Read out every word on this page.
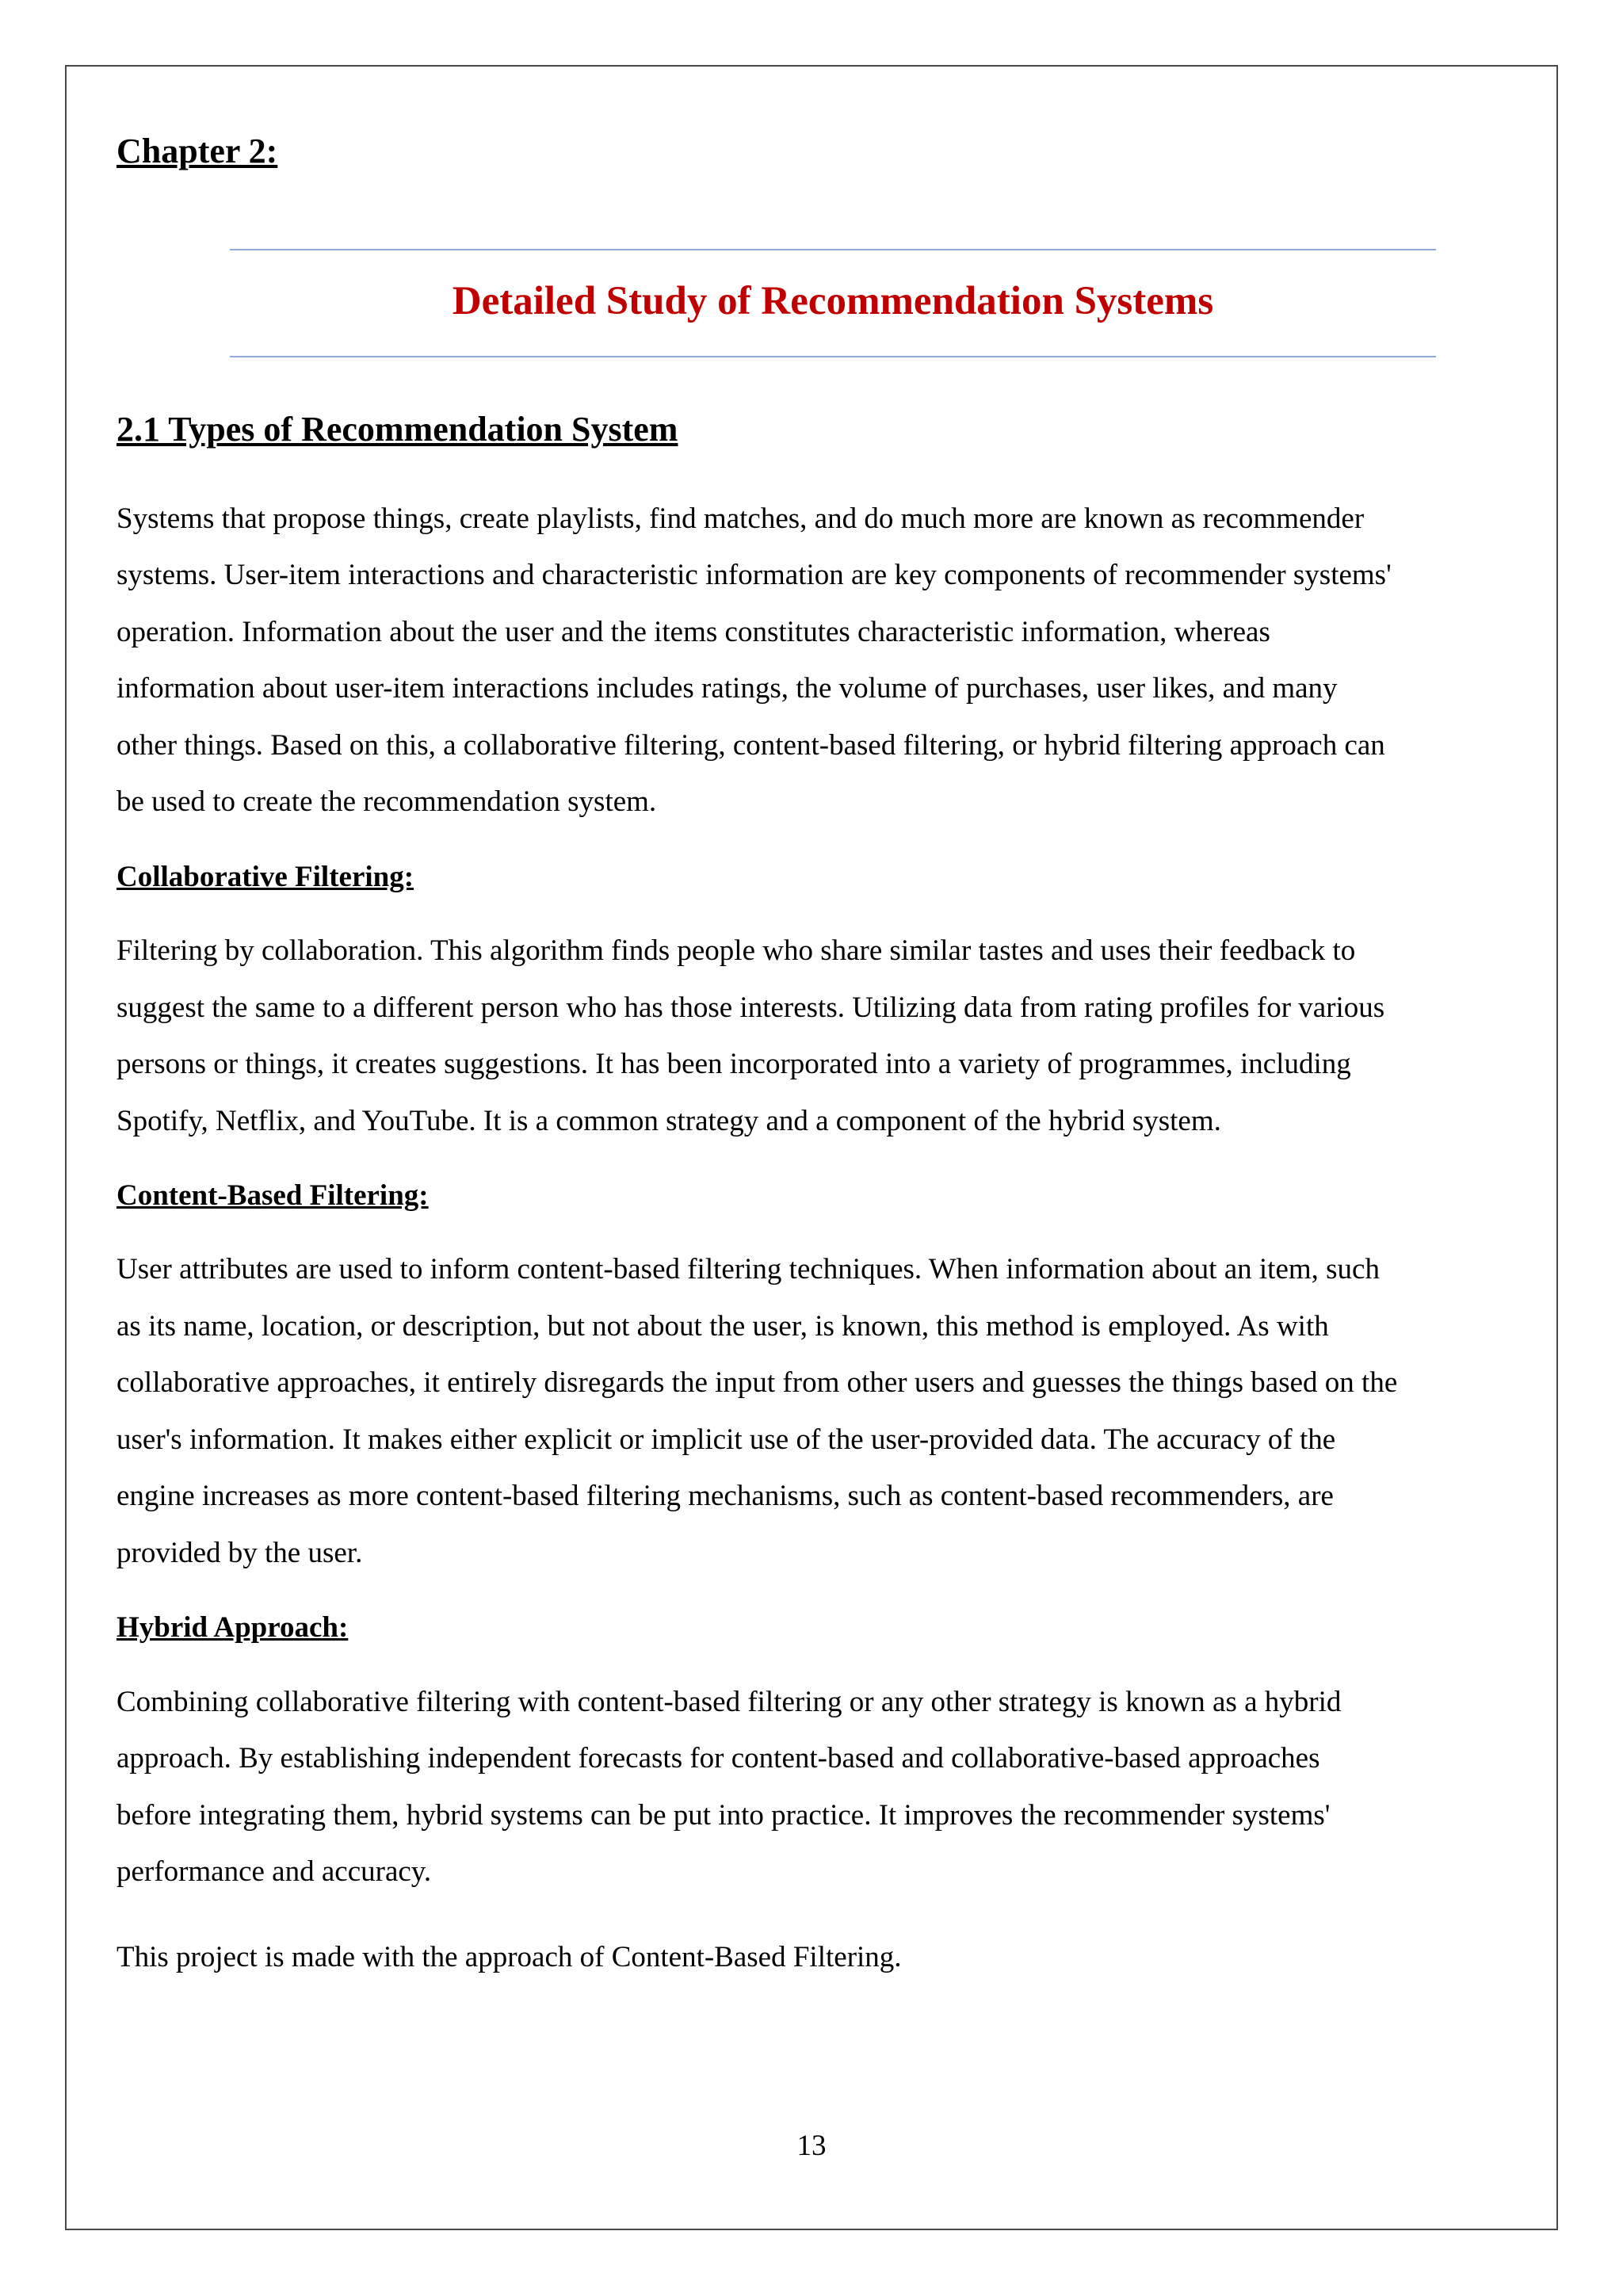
Chapter 2:
Detailed Study of Recommendation Systems
2.1 Types of Recommendation System

Systems that propose things, create playlists, find matches, and do much more are known as recommender
systems. User-item interactions and characteristic information are key components of recommender systems'
operation. Information about the user and the items constitutes characteristic information, whereas
information about user-item interactions includes ratings, the volume of purchases, user likes, and many
other things. Based on this, a collaborative filtering, content-based filtering, or hybrid filtering approach can
be used to create the recommendation system.

Collaborative Filtering:

Filtering by collaboration. This algorithm finds people who share similar tastes and uses their feedback to
suggest the same to a different person who has those interests. Utilizing data from rating profiles for various
persons or things, it creates suggestions. It has been incorporated into a variety of programmes, including
Spotify, Netflix, and YouTube. It is a common strategy and a component of the hybrid system.

Content-Based Filtering:

User attributes are used to inform content-based filtering techniques. When information about an item, such
as its name, location, or description, but not about the user, is known, this method is employed. As with
collaborative approaches, it entirely disregards the input from other users and guesses the things based on the
user's information. It makes either explicit or implicit use of the user-provided data. The accuracy of the
engine increases as more content-based filtering mechanisms, such as content-based recommenders, are
provided by the user.

Hybrid Approach:

Combining collaborative filtering with content-based filtering or any other strategy is known as a hybrid
approach. By establishing independent forecasts for content-based and collaborative-based approaches
before integrating them, hybrid systems can be put into practice. It improves the recommender systems'
performance and accuracy.

This project is made with the approach of Content-Based Filtering.

13
